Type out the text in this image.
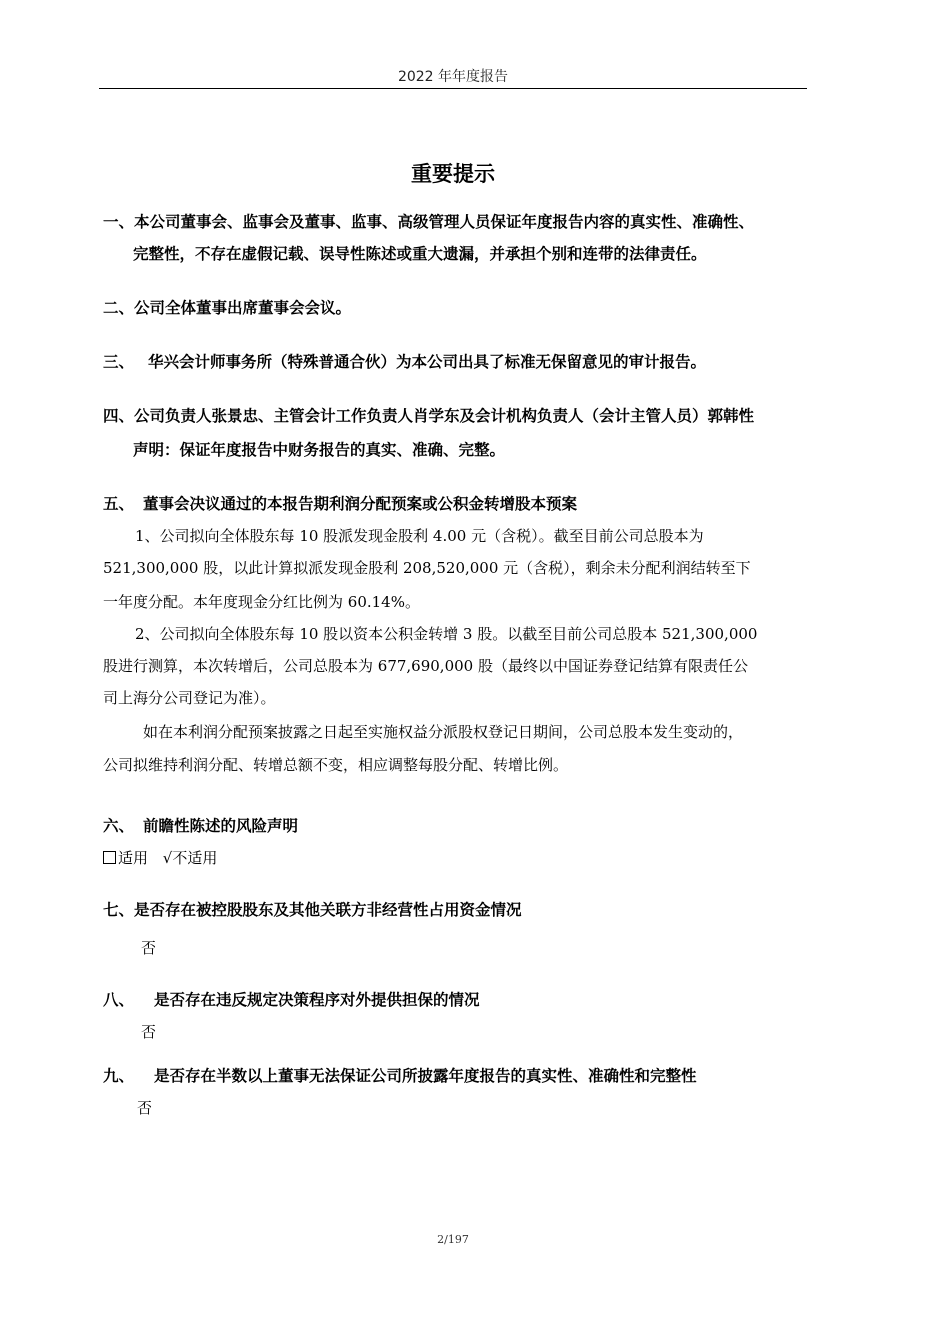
2022 年年度报告
重要提示
一、本公司董事会、监事会及董事、监事、高级管理人员保证年度报告内容的真实性、准确性、
完整性，不存在虚假记载、误导性陈述或重大遗漏，并承担个别和连带的法律责任。
二、公司全体董事出席董事会会议。
三、 华兴会计师事务所（特殊普通合伙）为本公司出具了标准无保留意见的审计报告。
四、公司负责人张景忠、主管会计工作负责人肖学东及会计机构负责人（会计主管人员）郭韩性
声明：保证年度报告中财务报告的真实、准确、完整。
五、 董事会决议通过的本报告期利润分配预案或公积金转增股本预案
1、公司拟向全体股东每 10 股派发现金股利 4.00 元（含税）。截至目前公司总股本为
521,300,000 股，以此计算拟派发现金股利 208,520,000 元（含税），剩余未分配利润结转至下
一年度分配。本年度现金分红比例为 60.14%。
2、公司拟向全体股东每 10 股以资本公积金转增 3 股。以截至目前公司总股本 521,300,000
股进行测算，本次转增后，公司总股本为 677,690,000 股（最终以中国证券登记结算有限责任公
司上海分公司登记为准）。
如在本利润分配预案披露之日起至实施权益分派股权登记日期间，公司总股本发生变动的，
公司拟维持利润分配、转增总额不变，相应调整每股分配、转增比例。
六、 前瞻性陈述的风险声明
适用 √不适用
七、是否存在被控股股东及其他关联方非经营性占用资金情况
否
八、 是否存在违反规定决策程序对外提供担保的情况
否
九、 是否存在半数以上董事无法保证公司所披露年度报告的真实性、准确性和完整性
否
2/197
